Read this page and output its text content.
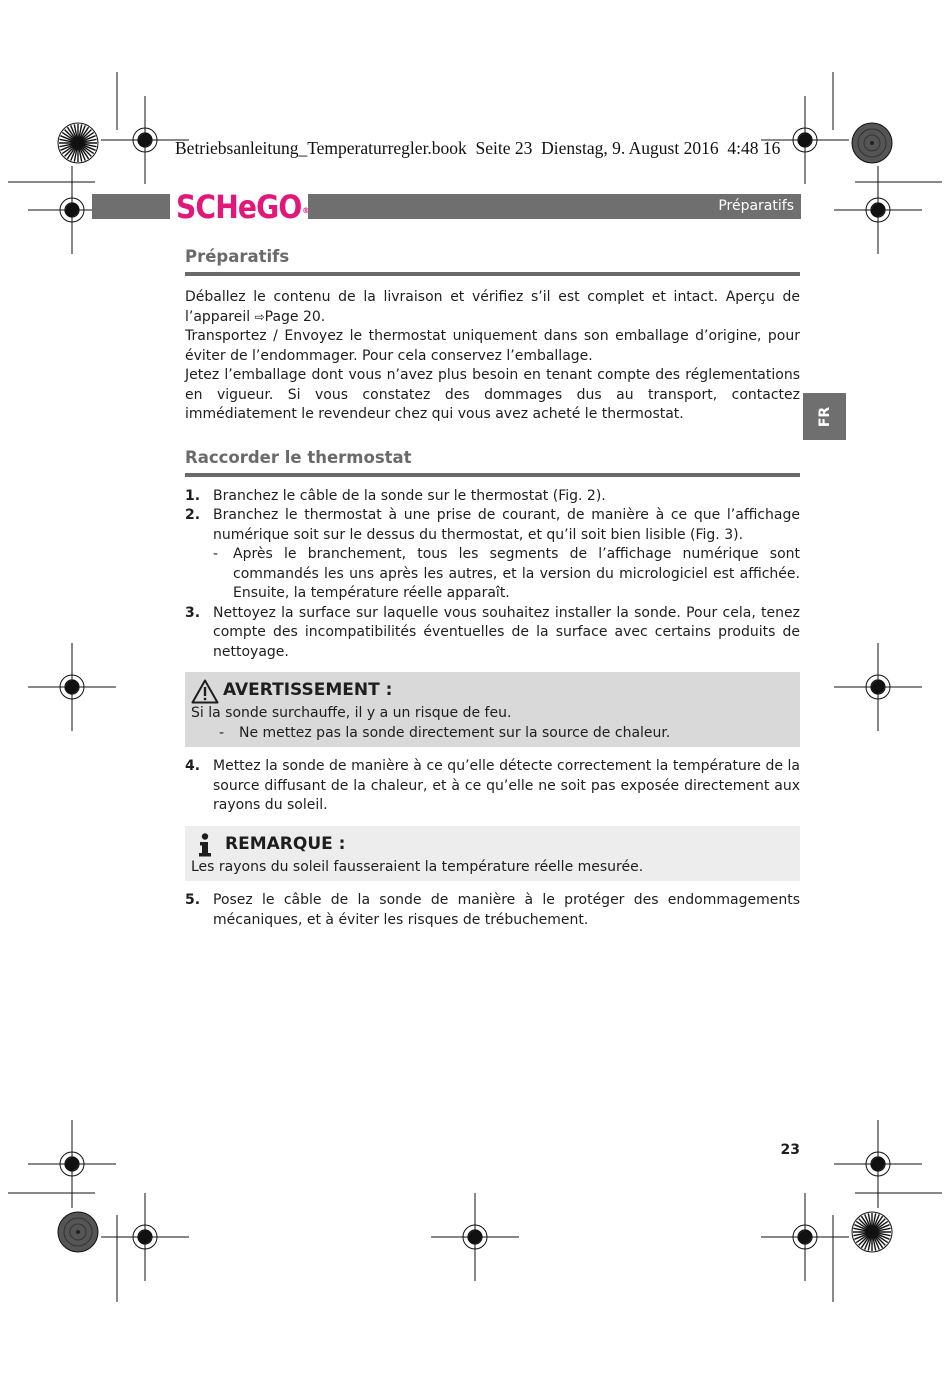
Betriebsanleitung_Temperaturregler.book  Seite 23  Dienstag, 9. August 2016  4:48 16
SCHeGO®	Préparatifs
FR
Préparatifs

Déballez le contenu de la livraison et vérifiez s’il est complet et intact. Aperçu de l’appareil ⇨Page 20.

Transportez / Envoyez le thermostat uniquement dans son emballage d’origine, pour éviter de l’endommager. Pour cela conservez l’emballage.

Jetez l’emballage dont vous n’avez plus besoin en tenant compte des réglementations en vigueur. Si vous constatez des dommages dus au transport, contactez immédiatement le revendeur chez qui vous avez acheté le thermostat.

Raccorder le thermostat
1. Branchez le câble de la sonde sur le thermostat (Fig. 2).
2. Branchez le thermostat à une prise de courant, de manière à ce que l’affichage numérique soit sur le dessus du thermostat, et qu’il soit bien lisible (Fig. 3).
- Après le branchement, tous les segments de l’affichage numérique sont commandés les uns après les autres, et la version du micrologiciel est affichée. Ensuite, la température réelle apparaît.
3. Nettoyez la surface sur laquelle vous souhaitez installer la sonde. Pour cela, tenez compte des incompatibilités éventuelles de la surface avec certains produits de nettoyage.
AVERTISSEMENT :

Si la sonde surchauffe, il y a un risque de feu.

- Ne mettez pas la sonde directement sur la source de chaleur.
4. Mettez la sonde de manière à ce qu’elle détecte correctement la température de la source diffusant de la chaleur, et à ce qu’elle ne soit pas exposée directement aux rayons du soleil.
REMARQUE :

Les rayons du soleil fausseraient la température réelle mesurée.

5. Posez le câble de la sonde de manière à le protéger des endommagements mécaniques, et à éviter les risques de trébuchement.
23
